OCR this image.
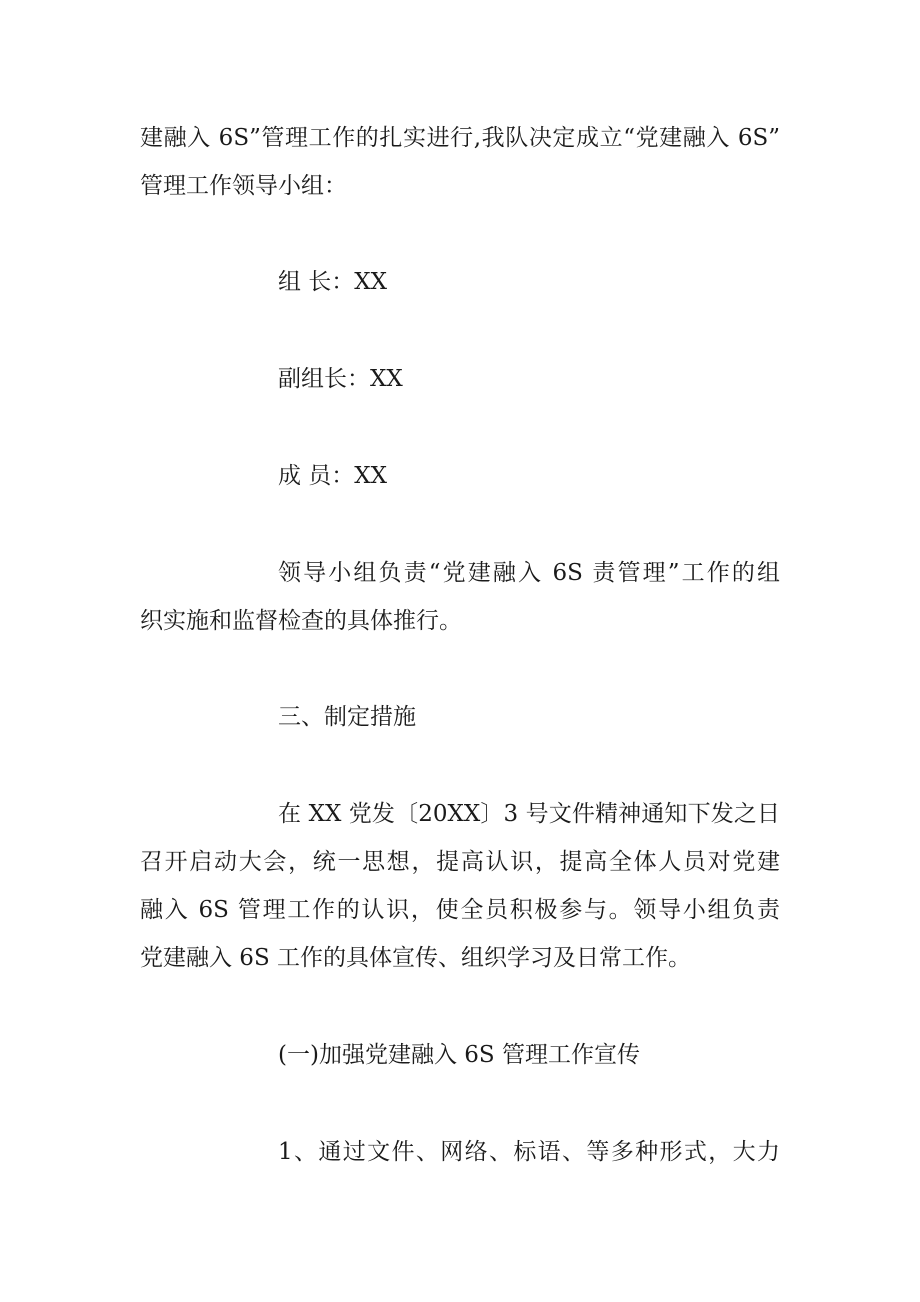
建融入 6S”管理工作的扎实进行,我队决定成立“党建融入 6S”
管理工作领导小组：
组 长：XX
副组长：XX
成 员：XX
领导小组负责“党建融入 6S 责管理”工作的组
织实施和监督检查的具体推行。
三、制定措施
在 XX 党发〔20XX〕3 号文件精神通知下发之日
召开启动大会，统一思想，提高认识，提高全体人员对党建
融入 6S 管理工作的认识，使全员积极参与。领导小组负责
党建融入 6S 工作的具体宣传、组织学习及日常工作。
(一)加强党建融入 6S 管理工作宣传
1、通过文件、网络、标语、等多种形式，大力
